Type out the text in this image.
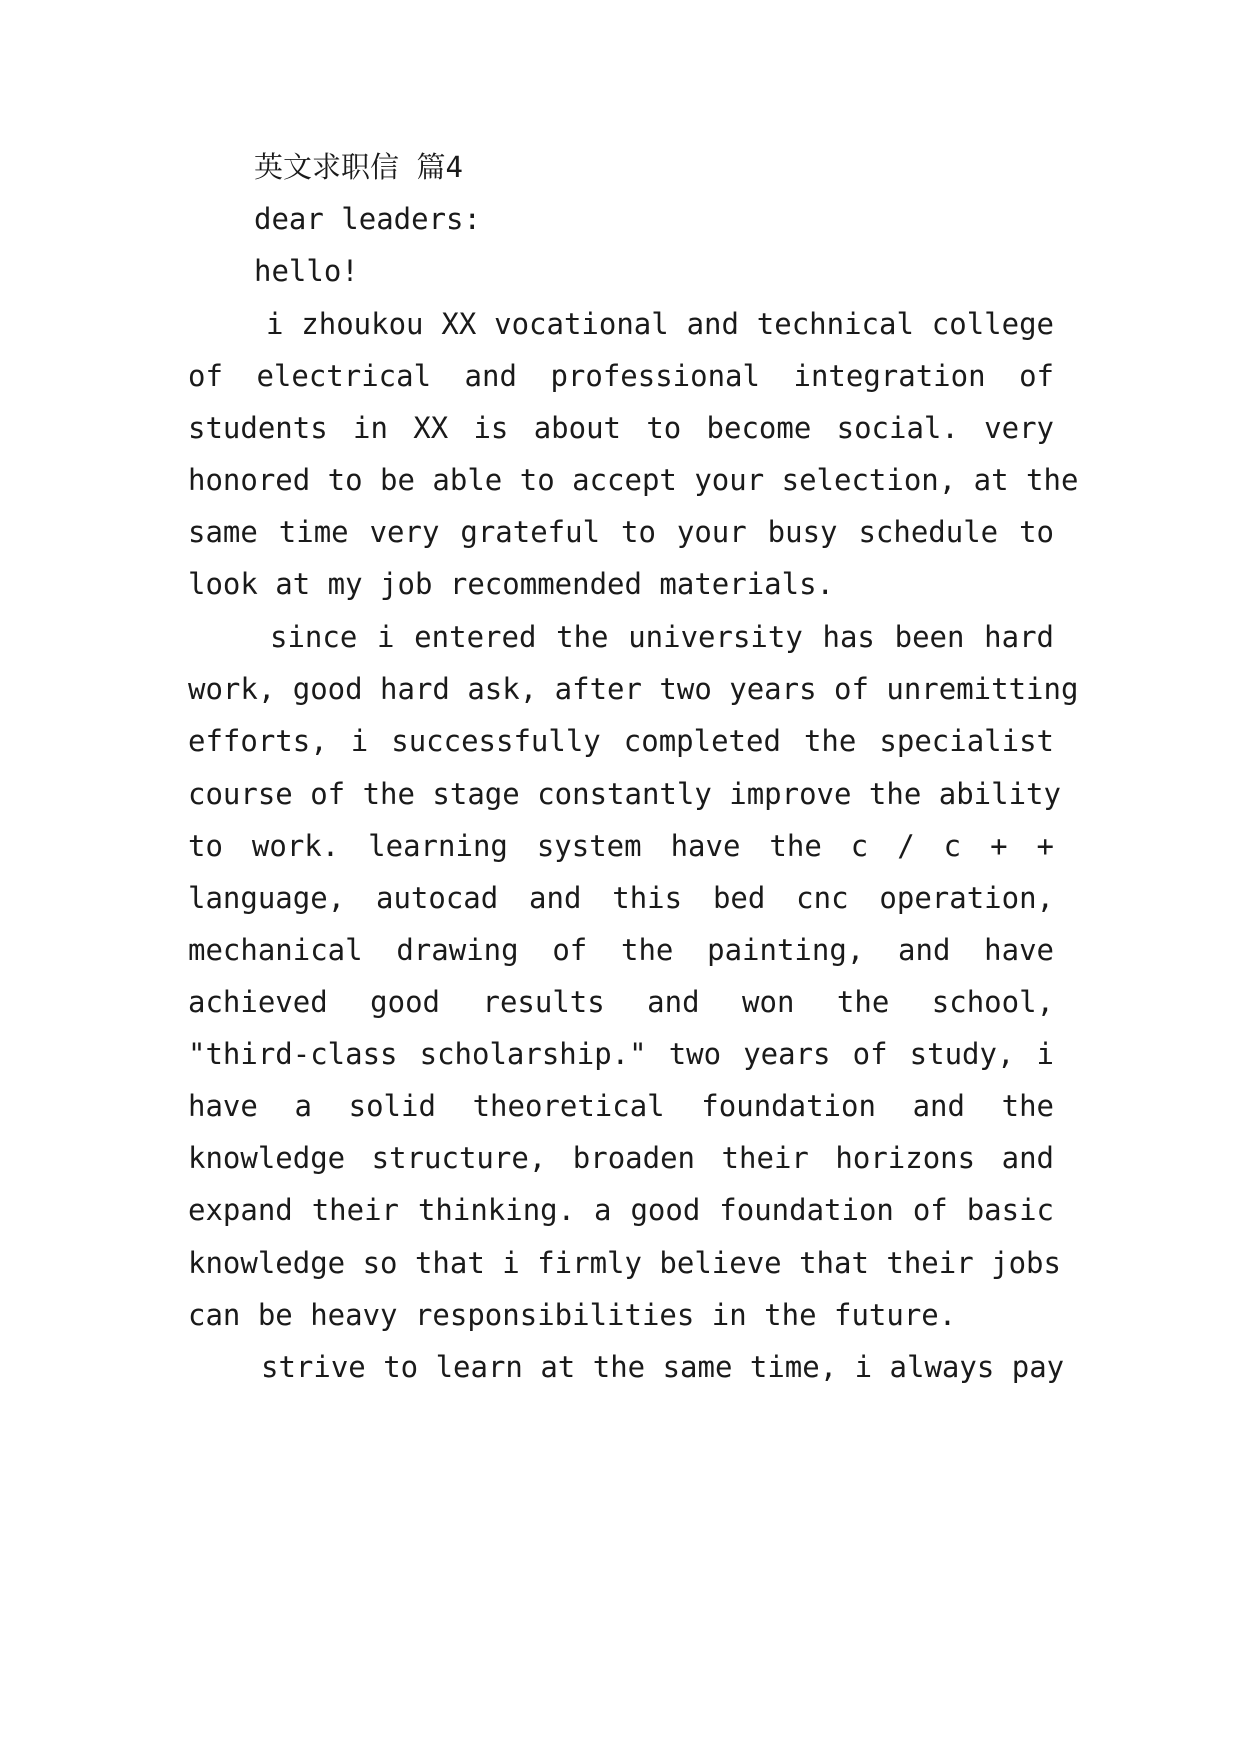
英文求职信 篇4
dear leaders:
hello!
i zhoukou XX vocational and technical college
of electrical and professional integration of
students in XX is about to become social. very
honored to be able to accept your selection, at the
same time very grateful to your busy schedule to
look at my job recommended materials.
since i entered the university has been hard
work, good hard ask, after two years of unremitting
efforts, i successfully completed the specialist
course of the stage constantly improve the ability
to work. learning system have the c / c + +
language, autocad and this bed cnc operation,
mechanical drawing of the painting, and have
achieved good results and won the school,
"third-class scholarship." two years of study, i
have a solid theoretical foundation and the
knowledge structure, broaden their horizons and
expand their thinking. a good foundation of basic
knowledge so that i firmly believe that their jobs
can be heavy responsibilities in the future.
strive to learn at the same time, i always pay
